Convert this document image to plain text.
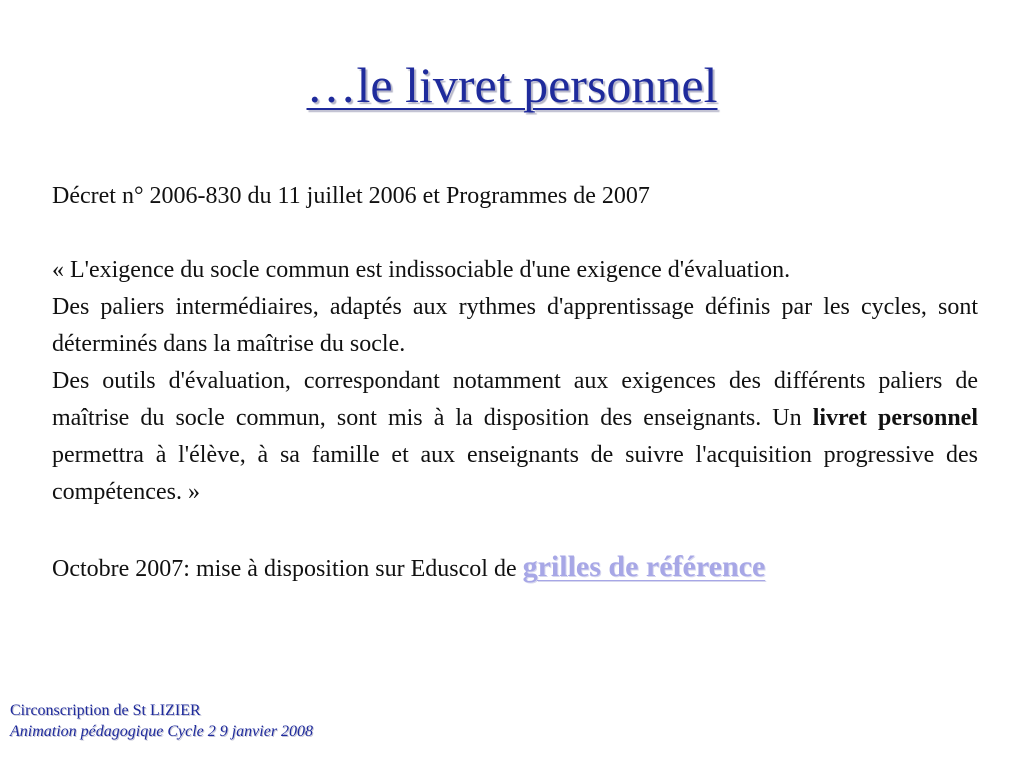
…le livret personnel

Décret n° 2006-830 du 11 juillet 2006 et Programmes de 2007

« L'exigence du socle commun est indissociable d'une exigence d'évaluation.

Des paliers intermédiaires, adaptés aux rythmes d'apprentissage définis par les cycles, sont déterminés dans la maîtrise du socle.

Des outils d'évaluation, correspondant notamment aux exigences des différents paliers de maîtrise du socle commun, sont mis à la disposition des enseignants. Un livret personnel permettra à l'élève, à sa famille et aux enseignants de suivre l'acquisition progressive des compétences. »

Octobre 2007: mise à disposition sur Eduscol de grilles de référence

Circonscription de St LIZIER
Animation pédagogique Cycle 2 9 janvier 2008
